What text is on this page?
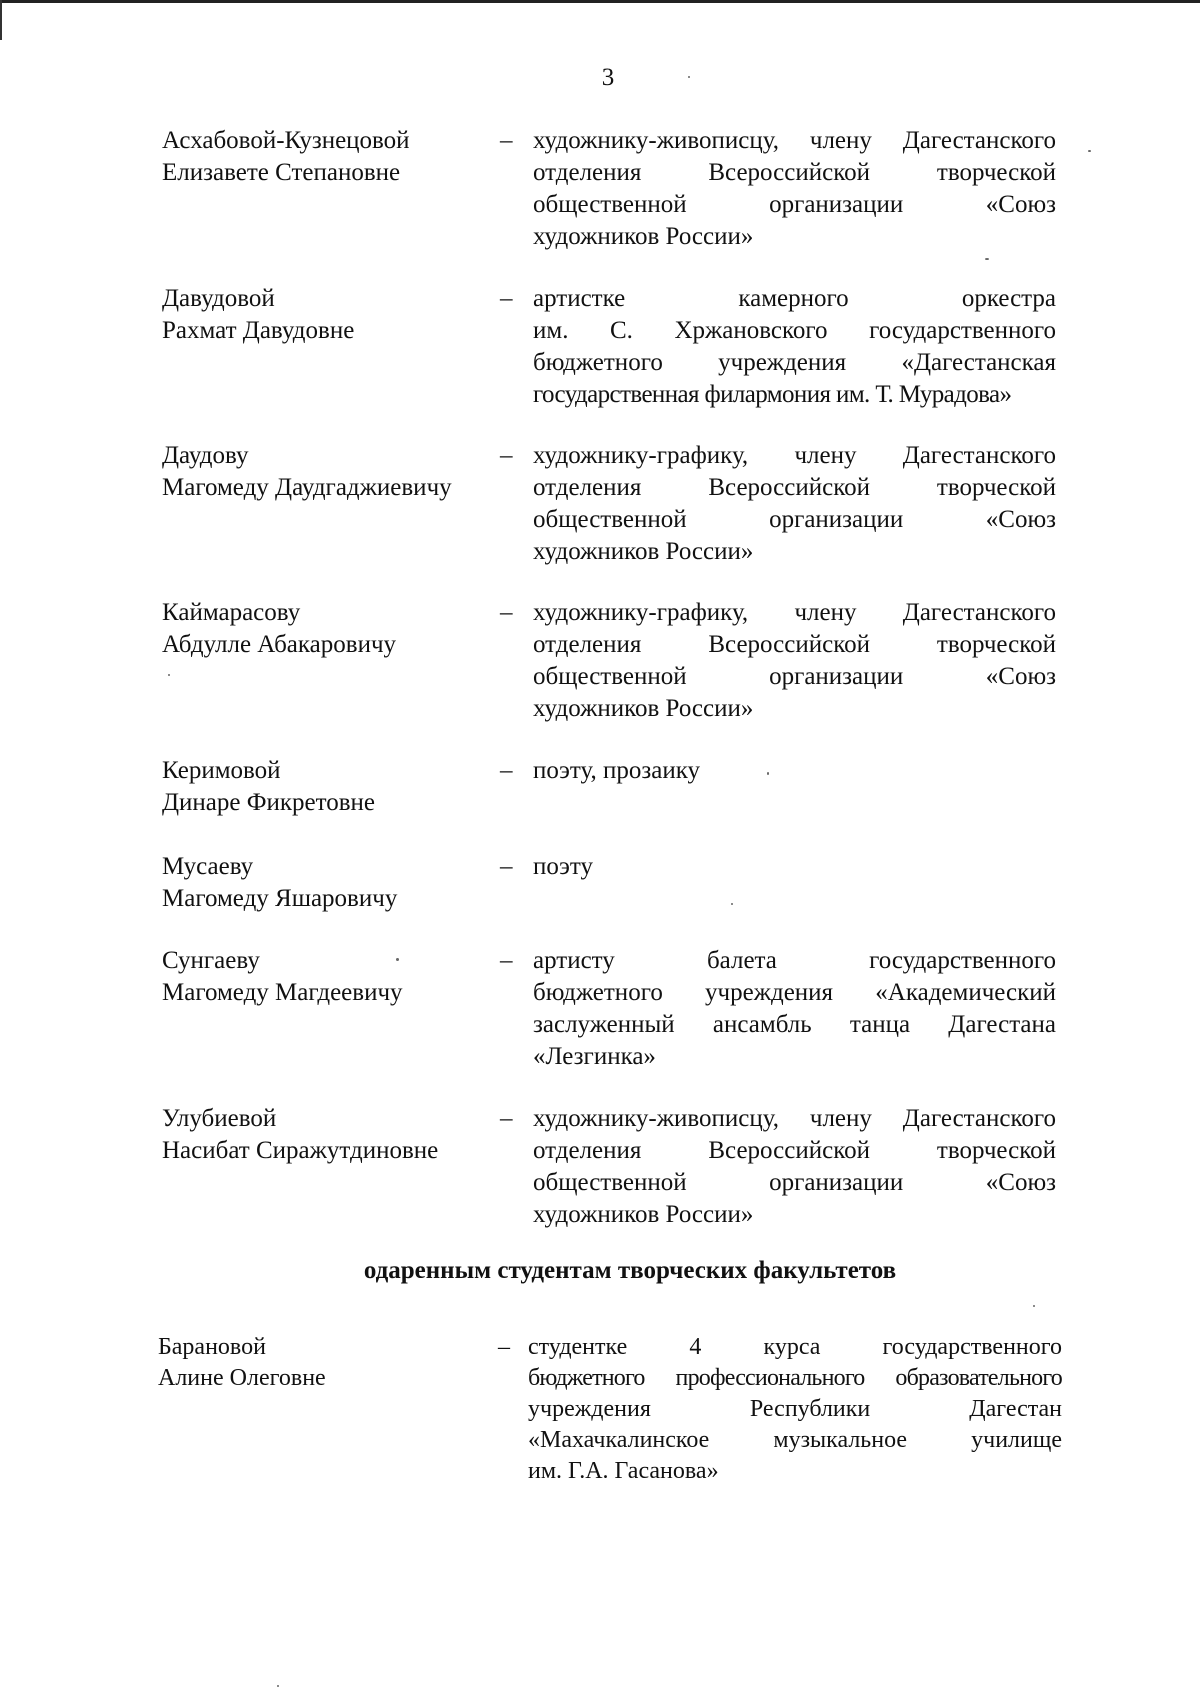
3
Асхабовой-Кузнецовой
Елизавете Степановне
– художнику-живописцу, члену Дагестанского
отделения Всероссийской творческой
общественной организации «Союз
художников России»
Давудовой
Рахмат Давудовне
– артистке камерного оркестра
им. С. Хржановского государственного
бюджетного учреждения «Дагестанская
государственная филармония им. Т. Мурадова»
Даудову
Магомеду Даудгаджиевичу
– художнику-графику, члену Дагестанского
отделения Всероссийской творческой
общественной организации «Союз
художников России»
Каймарасову
Абдулле Абакаровичу
– художнику-графику, члену Дагестанского
отделения Всероссийской творческой
общественной организации «Союз
художников России»
Керимовой
Динаре Фикретовне
– поэту, прозаику
Мусаеву
Магомеду Яшаровичу
– поэту
Сунгаеву
Магомеду Магдеевичу
– артисту балета государственного
бюджетного учреждения «Академический
заслуженный ансамбль танца Дагестана
«Лезгинка»
Улубиевой
Насибат Сиражутдиновне
– художнику-живописцу, члену Дагестанского
отделения Всероссийской творческой
общественной организации «Союз
художников России»
одаренным студентам творческих факультетов
Барановой
Алине Олеговне
– студентке 4 курса государственного
бюджетного профессионального образовательного
учреждения Республики Дагестан
«Махачкалинское музыкальное училище
им. Г.А. Гасанова»
